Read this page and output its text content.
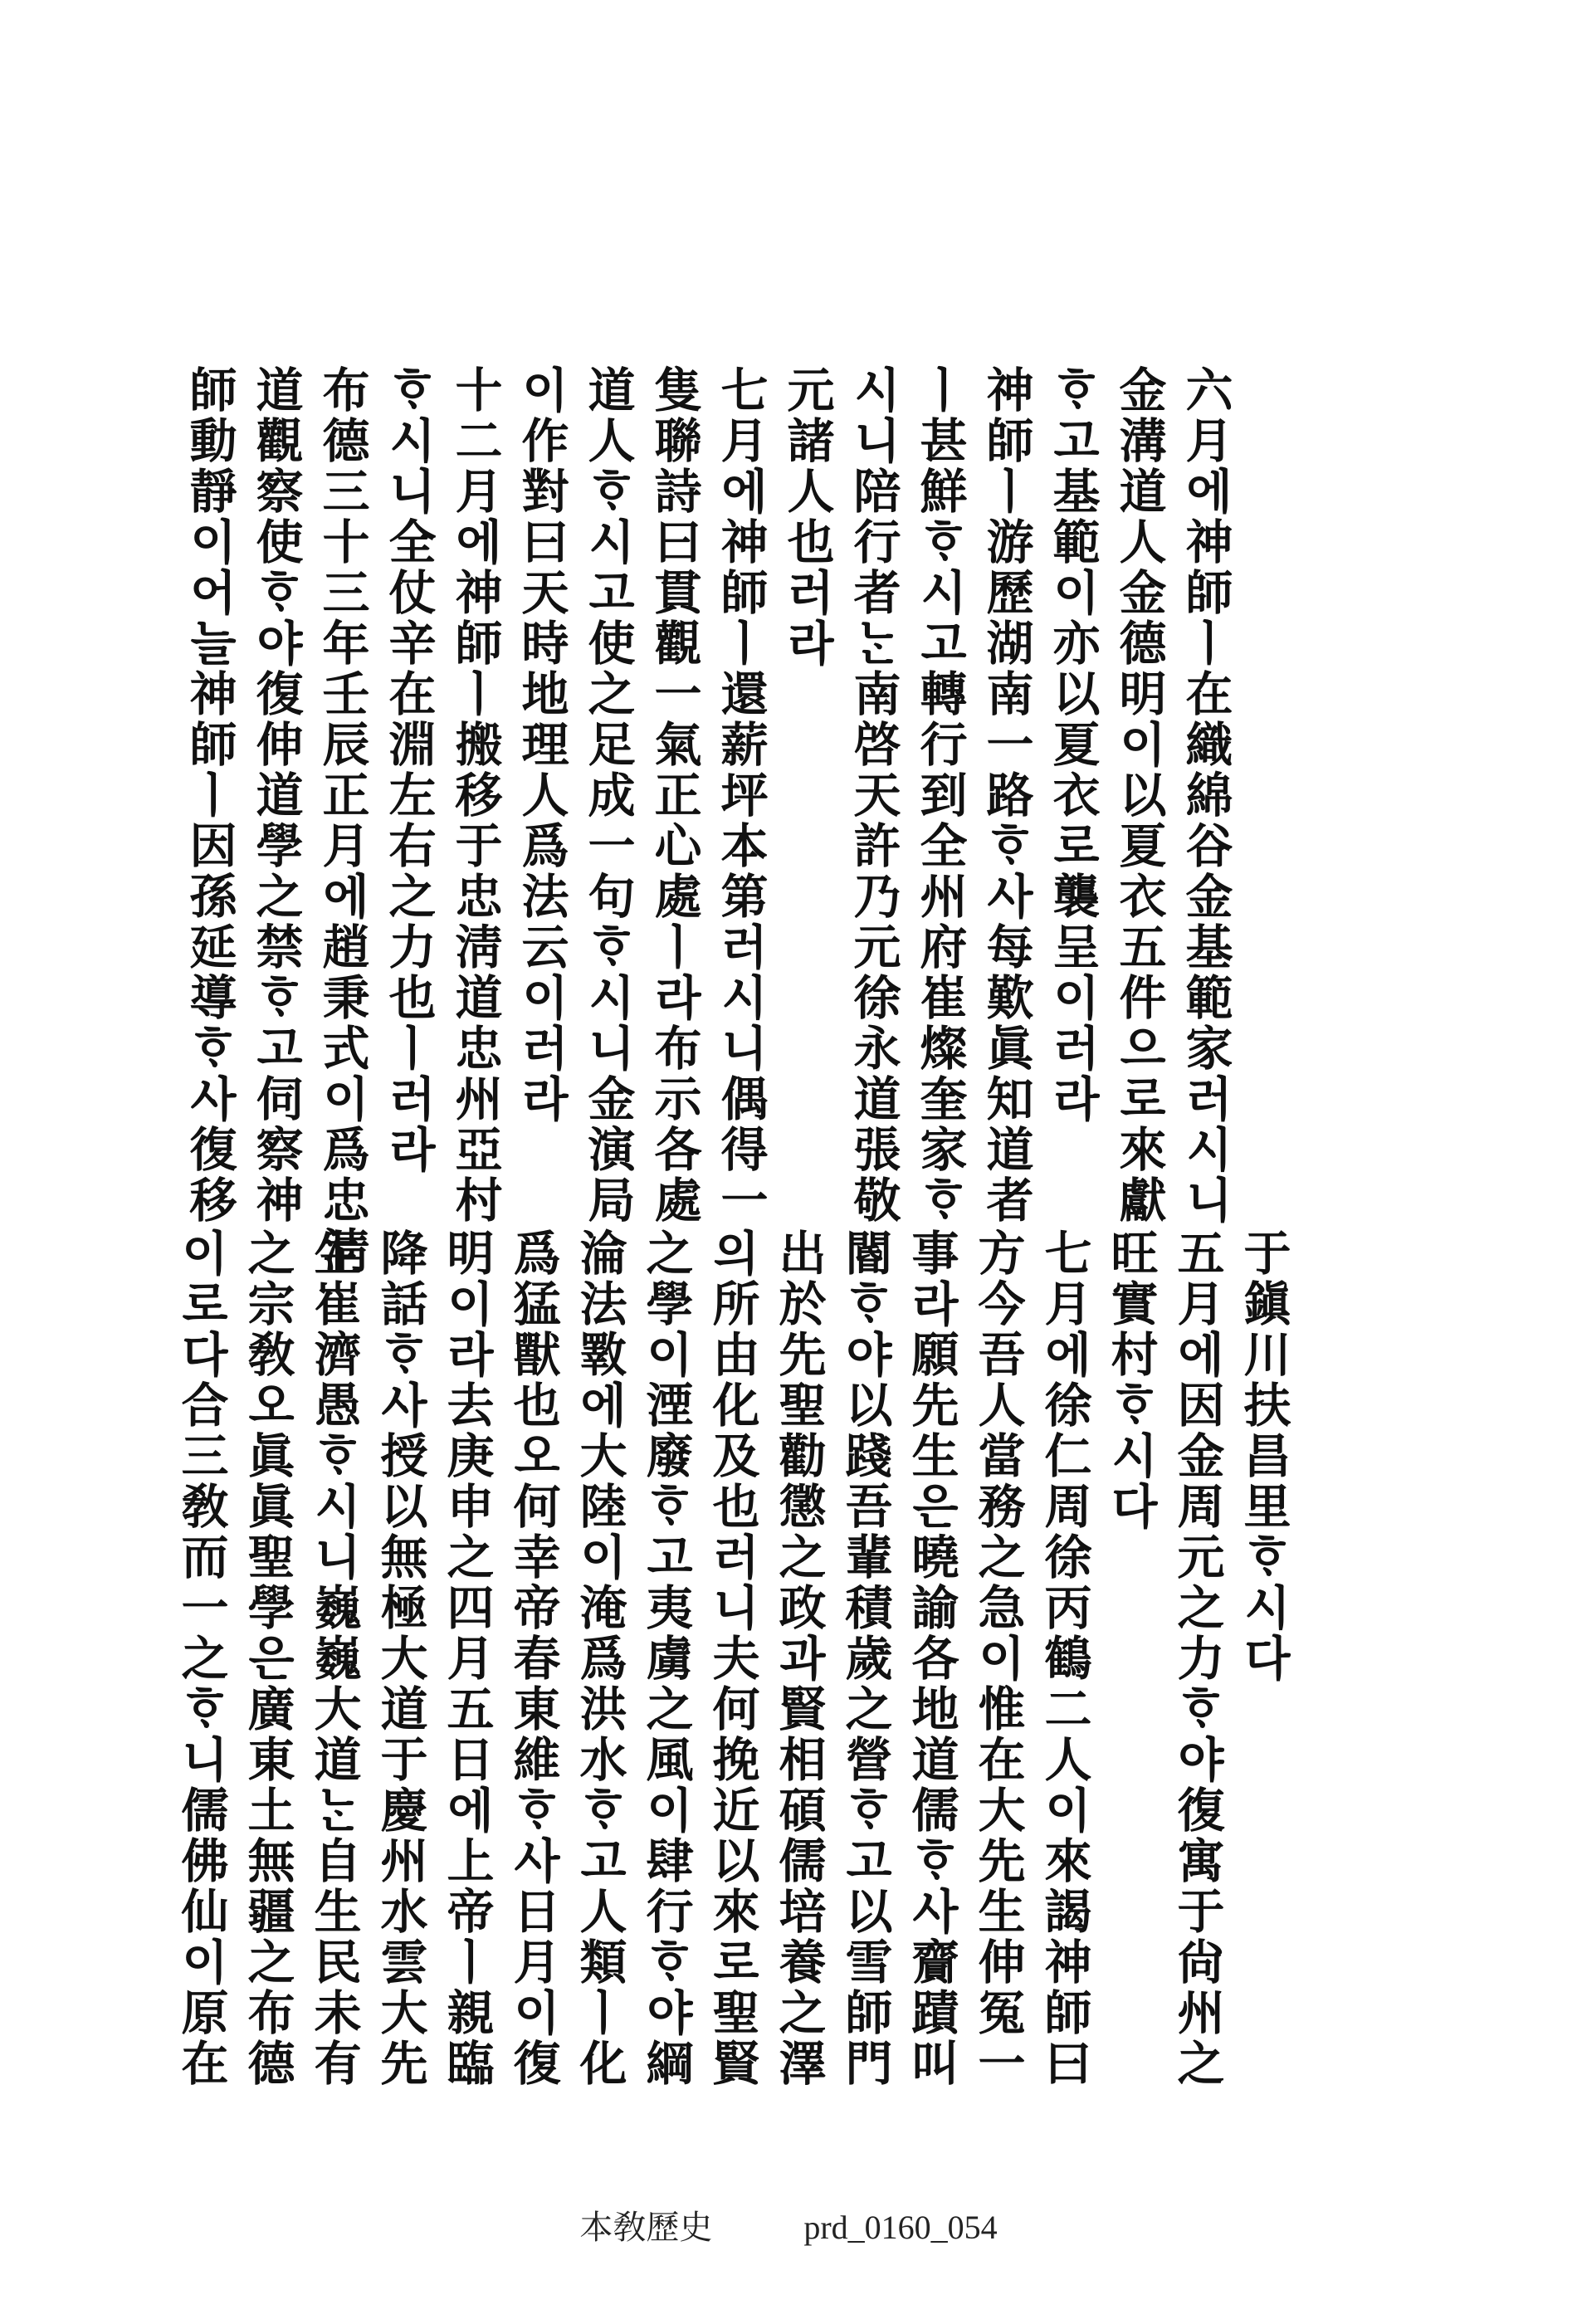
六月에神師ㅣ在織綿谷金基範家러시니
金溝道人金德明이以夏衣五件으로來獻
ᄒᆞ고基範이亦以夏衣로襲呈이러라
神師ㅣ游歷湖南一路ᄒᆞ사每歎眞知道者
ㅣ甚鮮ᄒᆞ시고轉行到全州府崔燦奎家ᄒᆞ
시니陪行者ᄂᆞᆫ南啓天許乃元徐永道張敬
元諸人也러라
七月에神師ㅣ還薪坪本第러시니偶得一
隻聯詩曰貫觀一氣正心處ㅣ라布示各處
道人ᄒᆞ시고使之足成一句ᄒᆞ시니金演局
이作對曰天時地理人爲法云이러라
十二月에神師ㅣ搬移于忠淸道忠州亞村
ᄒᆞ시니全仗辛在淵左右之力也ㅣ러라
布德三十三年壬辰正月에趙秉式이爲忠淸
道觀察使ᄒᆞ야復伸道學之禁ᄒᆞ고伺察神
師動靜이어늘神師ㅣ因孫延導ᄒᆞ사復移
于鎭川扶昌里ᄒᆞ시다
五月에因金周元之力ᄒᆞ야復寓于尙州之
旺實村ᄒᆞ시다
七月에徐仁周徐丙鶴二人이來謁神師曰
方今吾人當務之急이惟在大先生伸冤一
事라願先生은曉諭各地道儒ᄒᆞ사齎蹟叫
閽ᄒᆞ야以踐吾輩積歲之營ᄒᆞ고以雪師門
出於先聖勸懲之政과賢相碩儒培養之澤
의所由化及也러니夫何挽近以來로聖賢
之學이湮廢ᄒᆞ고夷虜之風이肆行ᄒᆞ야綱
淪法斁에大陸이淹爲洪水ᄒᆞ고人類ㅣ化
爲猛獸也오何幸帝春東維ᄒᆞ사日月이復
明이라去庚申之四月五日에上帝ㅣ親臨
降話ᄒᆞ사授以無極大道于慶州水雲大先
生崔濟愚ᄒᆞ시니巍巍大道ᄂᆞᆫ自生民未有
之宗敎오眞眞聖學은廣東土無疆之布德
이로다合三敎而一之ᄒᆞ니儒佛仙이原在
本敎歷史	prd_0160_054
